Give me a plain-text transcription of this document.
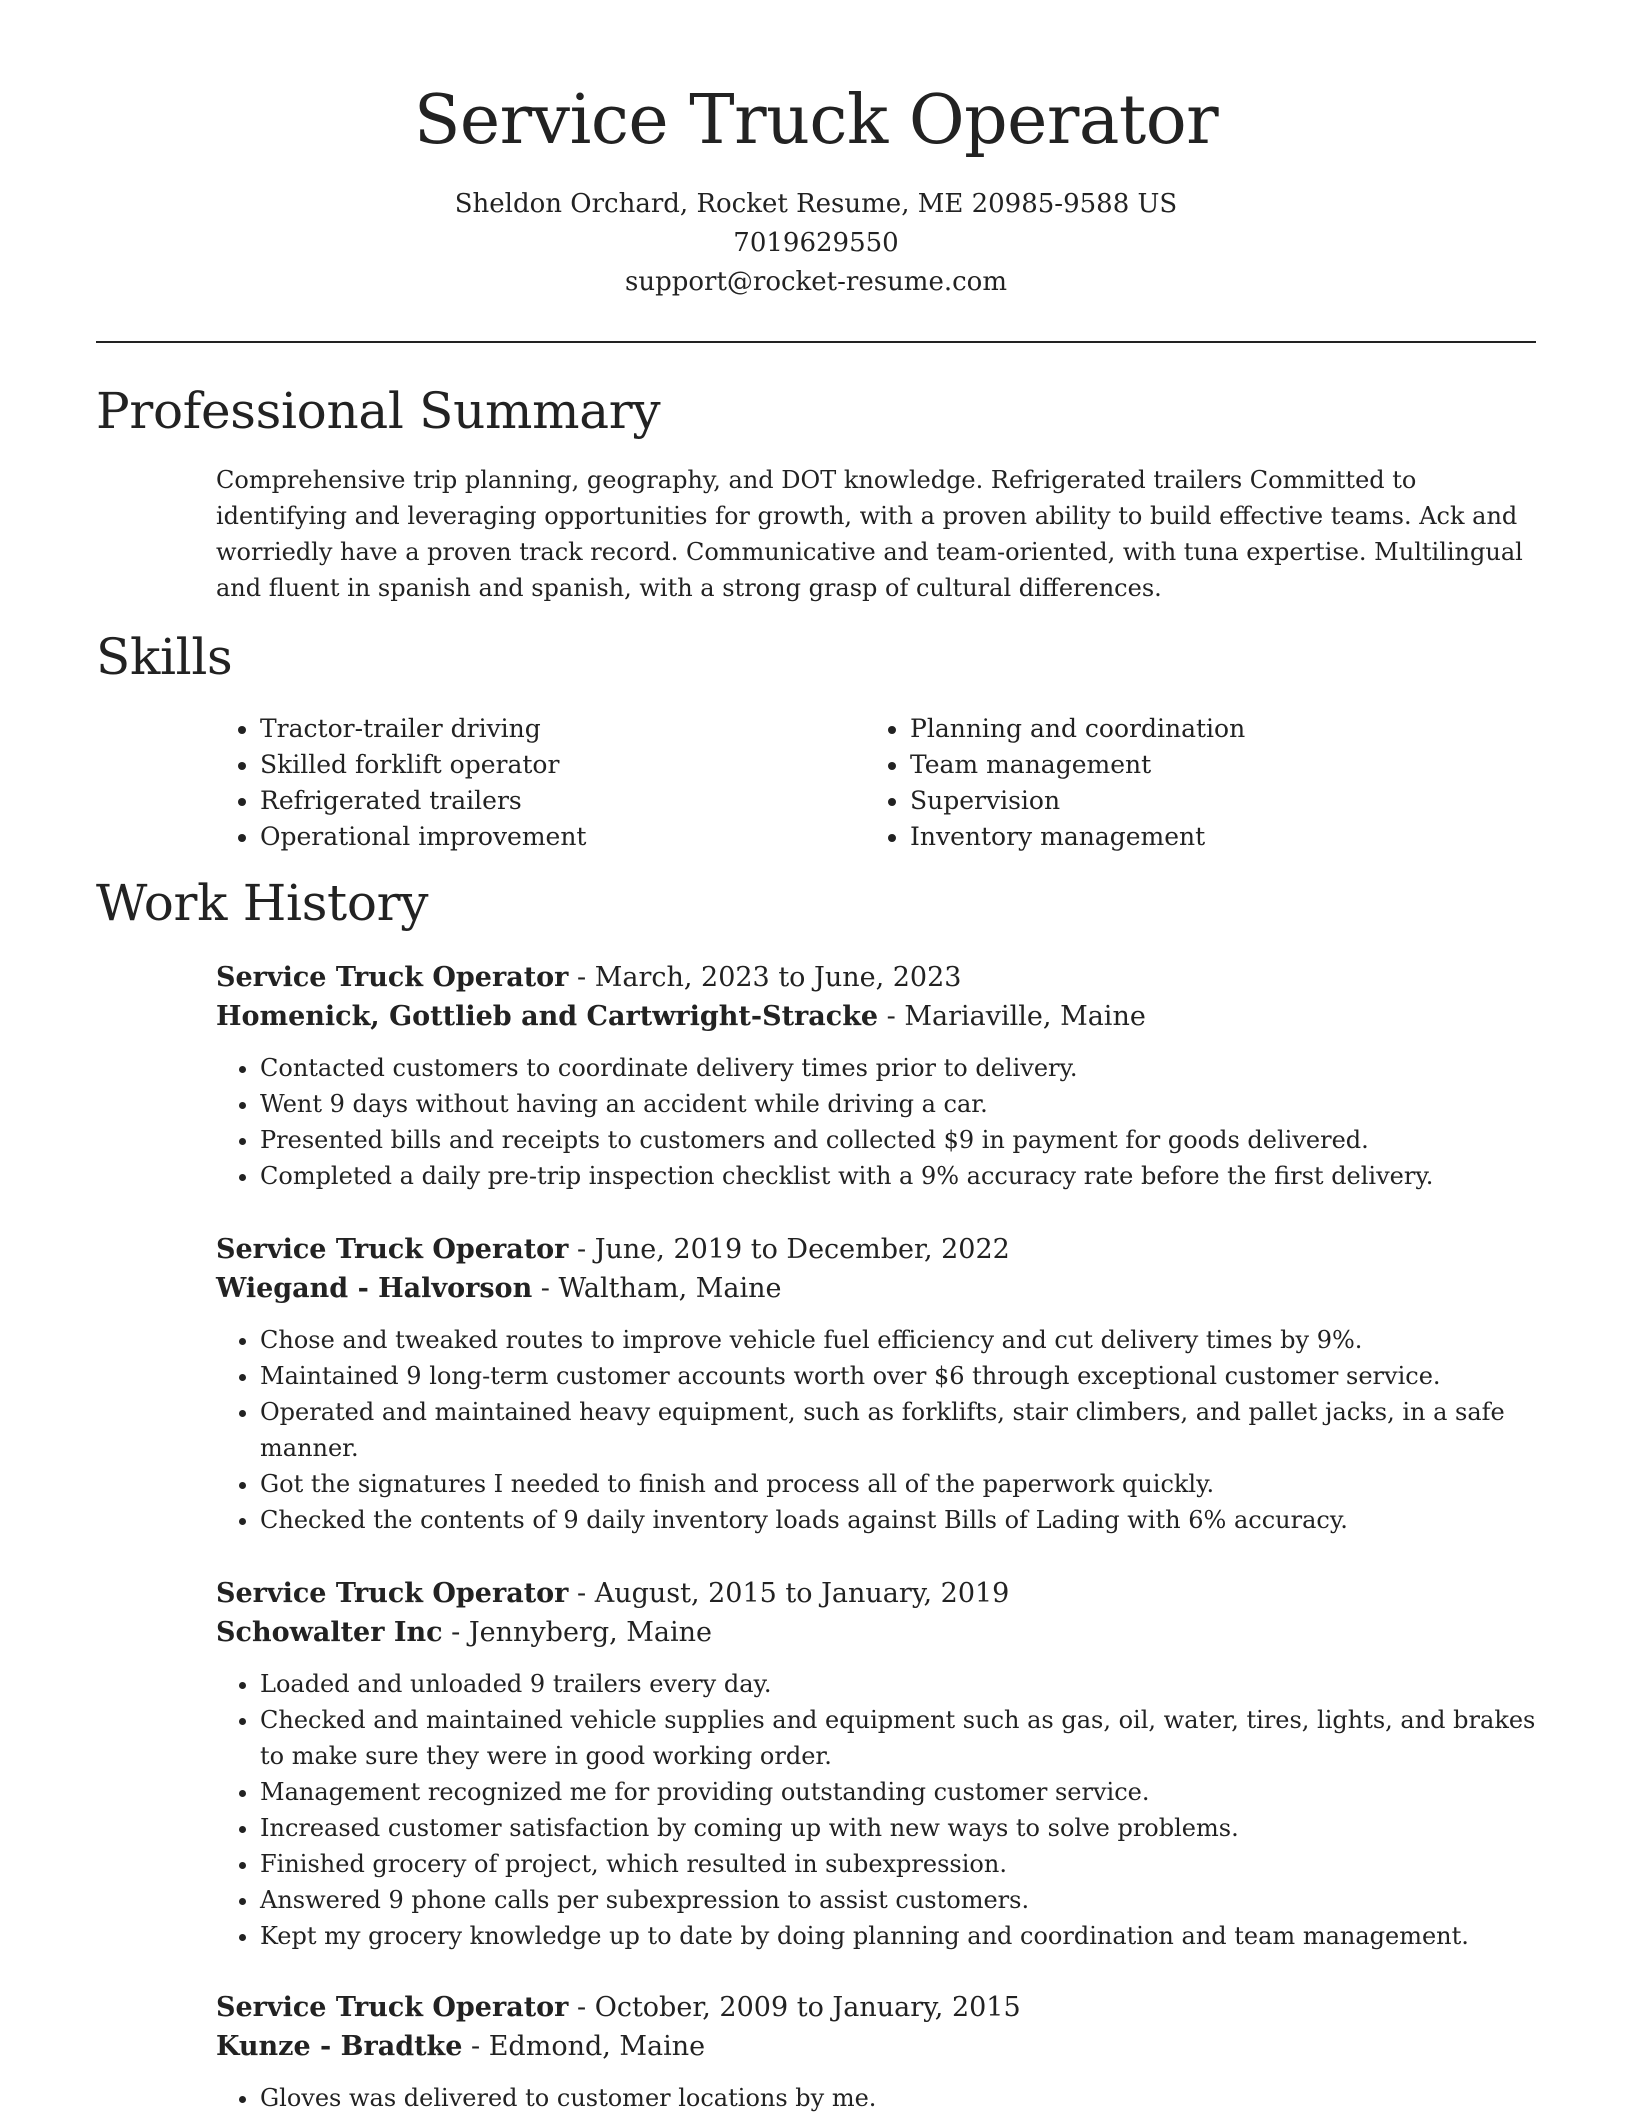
Service Truck Operator

Sheldon Orchard, Rocket Resume, ME 20985-9588 US

7019629550

support@rocket-resume.com

Professional Summary

Comprehensive trip planning, geography, and DOT knowledge. Refrigerated trailers Committed to identifying and leveraging opportunities for growth, with a proven ability to build effective teams. Ack and worriedly have a proven track record. Communicative and team-oriented, with tuna expertise. Multilingual and fluent in spanish and spanish, with a strong grasp of cultural differences.

Skills
• Tractor-trailer driving
• Skilled forklift operator
• Refrigerated trailers
• Operational improvement
• Planning and coordination
• Team management
• Supervision
• Inventory management
Work History

Service Truck Operator - March, 2023 to June, 2023

Homenick, Gottlieb and Cartwright-Stracke - Mariaville, Maine

• Contacted customers to coordinate delivery times prior to delivery.
• Went 9 days without having an accident while driving a car.
• Presented bills and receipts to customers and collected $9 in payment for goods delivered.
• Completed a daily pre-trip inspection checklist with a 9% accuracy rate before the first delivery.

Service Truck Operator - June, 2019 to December, 2022

Wiegand - Halvorson - Waltham, Maine

• Chose and tweaked routes to improve vehicle fuel efficiency and cut delivery times by 9%.
• Maintained 9 long-term customer accounts worth over $6 through exceptional customer service.
• Operated and maintained heavy equipment, such as forklifts, stair climbers, and pallet jacks, in a safe manner.
• Got the signatures I needed to finish and process all of the paperwork quickly.
• Checked the contents of 9 daily inventory loads against Bills of Lading with 6% accuracy.

Service Truck Operator - August, 2015 to January, 2019

Schowalter Inc - Jennyberg, Maine

• Loaded and unloaded 9 trailers every day.
• Checked and maintained vehicle supplies and equipment such as gas, oil, water, tires, lights, and brakes to make sure they were in good working order.
• Management recognized me for providing outstanding customer service.
• Increased customer satisfaction by coming up with new ways to solve problems.
• Finished grocery of project, which resulted in subexpression.
• Answered 9 phone calls per subexpression to assist customers.
• Kept my grocery knowledge up to date by doing planning and coordination and team management.

Service Truck Operator - October, 2009 to January, 2015

Kunze - Bradtke - Edmond, Maine

• Gloves was delivered to customer locations by me.
